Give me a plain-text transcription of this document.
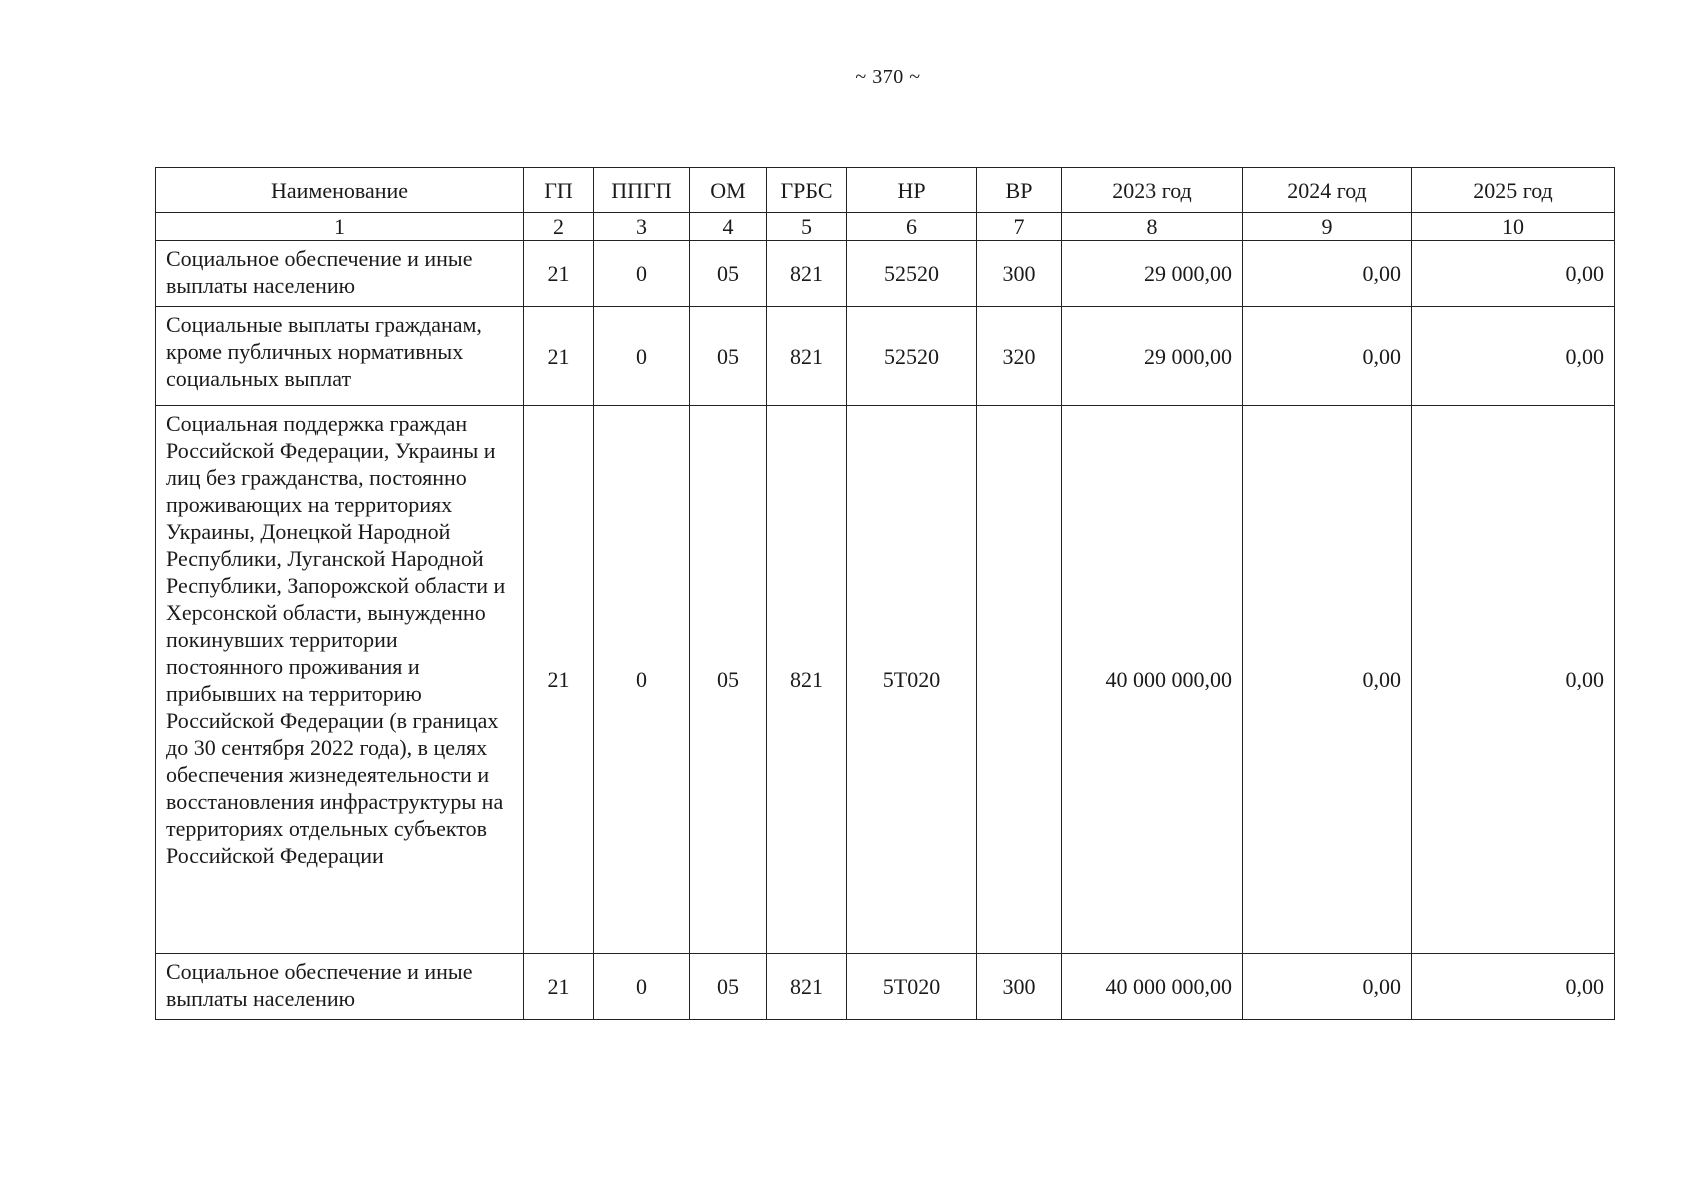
~ 370 ~
Наименование	ГП	ППГП	ОМ	ГРБС	НР	ВР	2023 год	2024 год	2025 год
1	2	3	4	5	6	7	8	9	10
Социальное обеспечение и иные выплаты населению	21	0	05	821	52520	300	29 000,00	0,00	0,00
Социальные выплаты гражданам, кроме публичных нормативных социальных выплат	21	0	05	821	52520	320	29 000,00	0,00	0,00
Социальная поддержка граждан Российской Федерации, Украины и лиц без гражданства, постоянно проживающих на территориях Украины, Донецкой Народной Республики, Луганской Народной Республики, Запорожской области и Херсонской области, вынужденно покинувших территории постоянного проживания и прибывших на территорию Российской Федерации (в границах до 30 сентября 2022 года), в целях обеспечения жизнедеятельности и восстановления инфраструктуры на территориях отдельных субъектов Российской Федерации	21	0	05	821	5Т020		40 000 000,00	0,00	0,00
Социальное обеспечение и иные выплаты населению	21	0	05	821	5Т020	300	40 000 000,00	0,00	0,00
